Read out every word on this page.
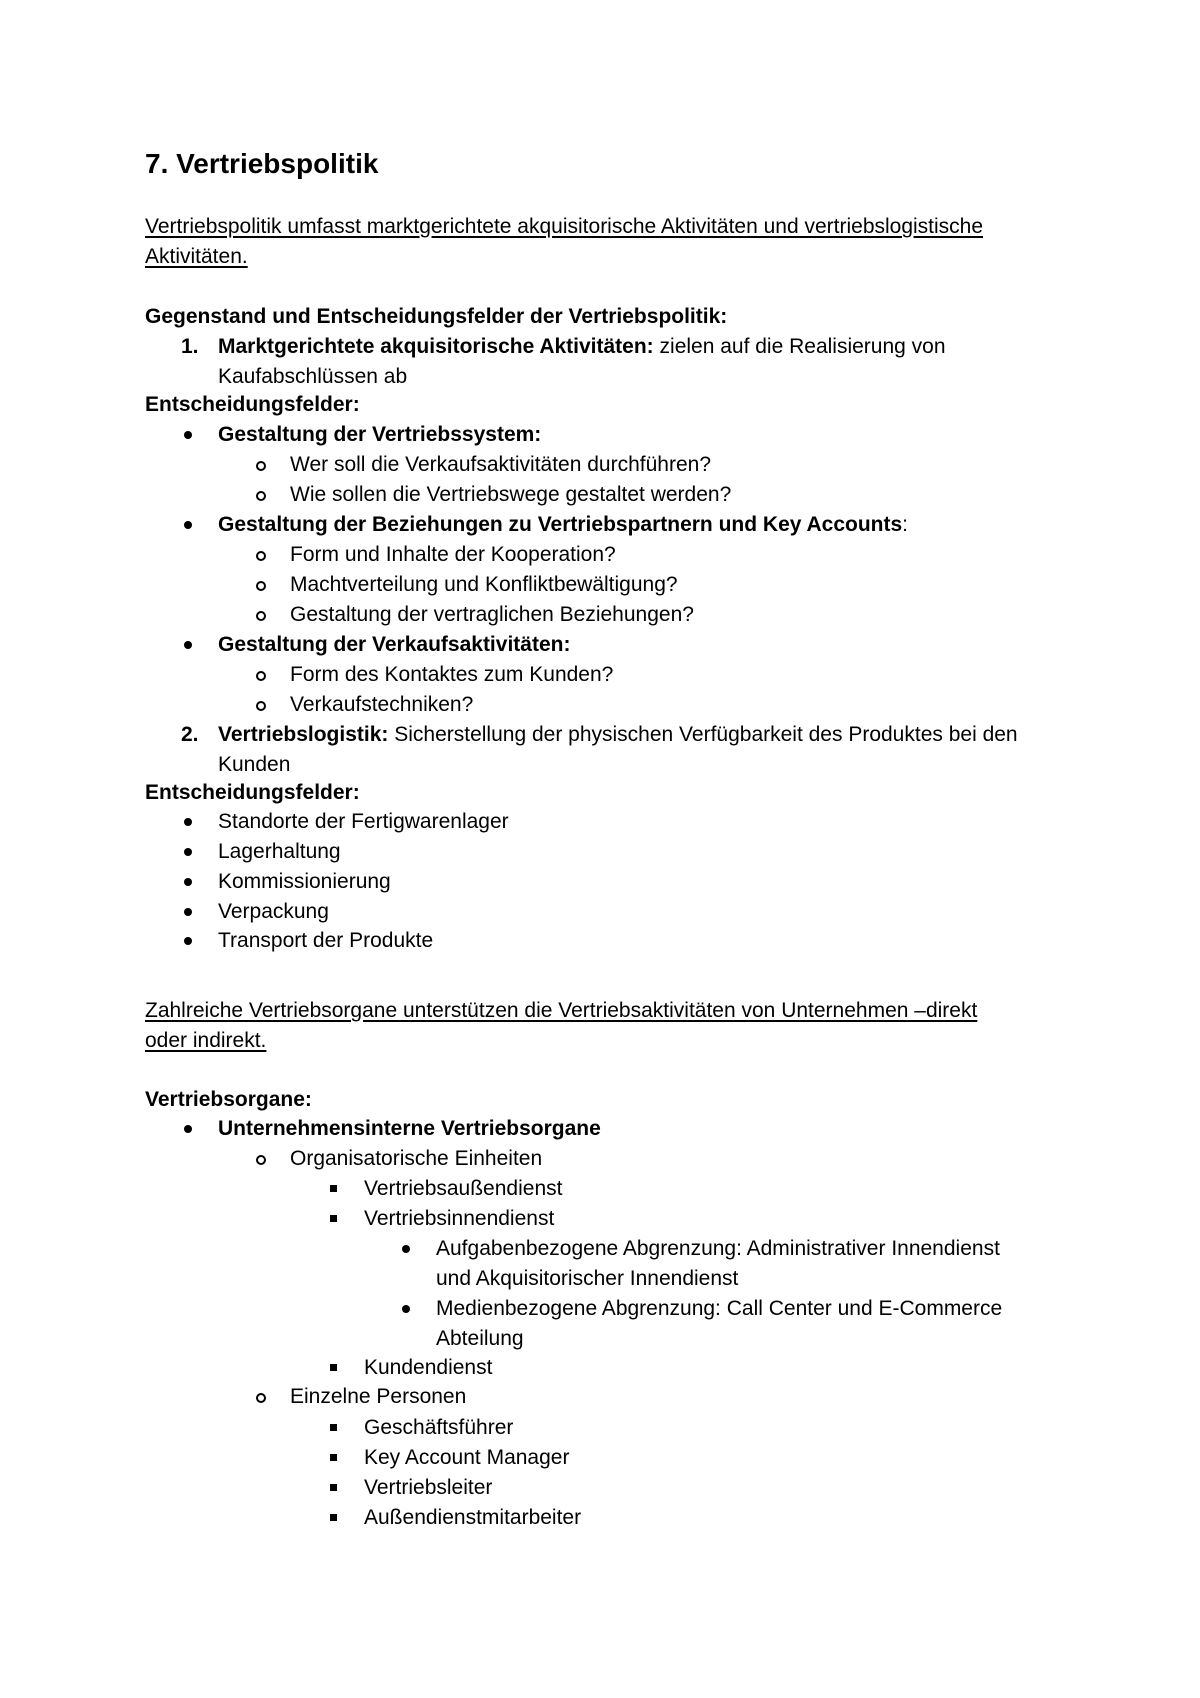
7. Vertriebspolitik
Vertriebspolitik umfasst marktgerichtete akquisitorische Aktivitäten und vertriebslogistische
Aktivitäten.
Gegenstand und Entscheidungsfelder der Vertriebspolitik:
1. Marktgerichtete akquisitorische Aktivitäten: zielen auf die Realisierung von
Kaufabschlüssen ab
Entscheidungsfelder:
Gestaltung der Vertriebssystem:
Wer soll die Verkaufsaktivitäten durchführen?
Wie sollen die Vertriebswege gestaltet werden?
Gestaltung der Beziehungen zu Vertriebspartnern und Key Accounts:
Form und Inhalte der Kooperation?
Machtverteilung und Konfliktbewältigung?
Gestaltung der vertraglichen Beziehungen?
Gestaltung der Verkaufsaktivitäten:
Form des Kontaktes zum Kunden?
Verkaufstechniken?
2. Vertriebslogistik: Sicherstellung der physischen Verfügbarkeit des Produktes bei den
Kunden
Entscheidungsfelder:
Standorte der Fertigwarenlager
Lagerhaltung
Kommissionierung
Verpackung
Transport der Produkte
Zahlreiche Vertriebsorgane unterstützen die Vertriebsaktivitäten von Unternehmen –direkt
oder indirekt.
Vertriebsorgane:
Unternehmensinterne Vertriebsorgane
Organisatorische Einheiten
Vertriebsaußendienst
Vertriebsinnendienst
Aufgabenbezogene Abgrenzung: Administrativer Innendienst
und Akquisitorischer Innendienst
Medienbezogene Abgrenzung: Call Center und E-Commerce
Abteilung
Kundendienst
Einzelne Personen
Geschäftsführer
Key Account Manager
Vertriebsleiter
Außendienstmitarbeiter
